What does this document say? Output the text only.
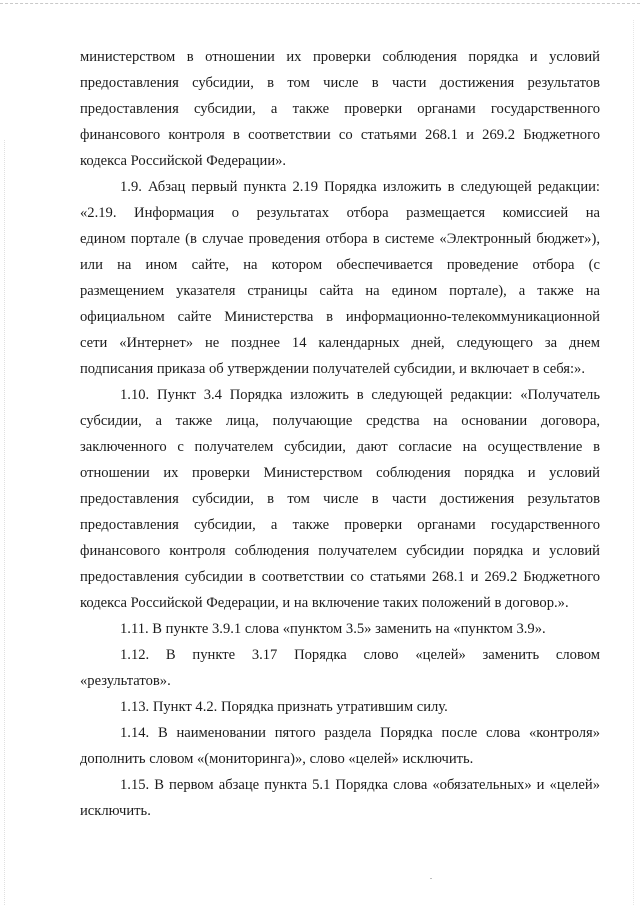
министерством в отношении их проверки соблюдения порядка и условий
предоставления субсидии, в том числе в части достижения результатов
предоставления субсидии, а также проверки органами государственного
финансового контроля в соответствии со статьями 268.1 и 269.2 Бюджетного
кодекса Российской Федерации».
1.9. Абзац первый пункта 2.19 Порядка изложить в следующей редакции:
«2.19. Информация о результатах отбора размещается комиссией на
едином портале (в случае проведения отбора в системе «Электронный бюджет»),
или на ином сайте, на котором обеспечивается проведение отбора (с
размещением указателя страницы сайта на едином портале), а также на
официальном сайте Министерства в информационно-телекоммуникационной
сети «Интернет» не позднее 14 календарных дней, следующего за днем
подписания приказа об утверждении получателей субсидии, и включает в себя:».
1.10. Пункт 3.4 Порядка изложить в следующей редакции: «Получатель
субсидии, а также лица, получающие средства на основании договора,
заключенного с получателем субсидии, дают согласие на осуществление в
отношении их проверки Министерством соблюдения порядка и условий
предоставления субсидии, в том числе в части достижения результатов
предоставления субсидии, а также проверки органами государственного
финансового контроля соблюдения получателем субсидии порядка и условий
предоставления субсидии в соответствии со статьями 268.1 и 269.2 Бюджетного
кодекса Российской Федерации, и на включение таких положений в договор.».
1.11. В пункте 3.9.1 слова «пунктом 3.5» заменить на «пунктом 3.9».
1.12. В пункте 3.17 Порядка слово «целей» заменить словом
«результатов».
1.13. Пункт 4.2. Порядка признать утратившим силу.
1.14. В наименовании пятого раздела Порядка после слова «контроля»
дополнить словом «(мониторинга)», слово «целей» исключить.
1.15. В первом абзаце пункта 5.1 Порядка слова «обязательных» и «целей»
исключить.
